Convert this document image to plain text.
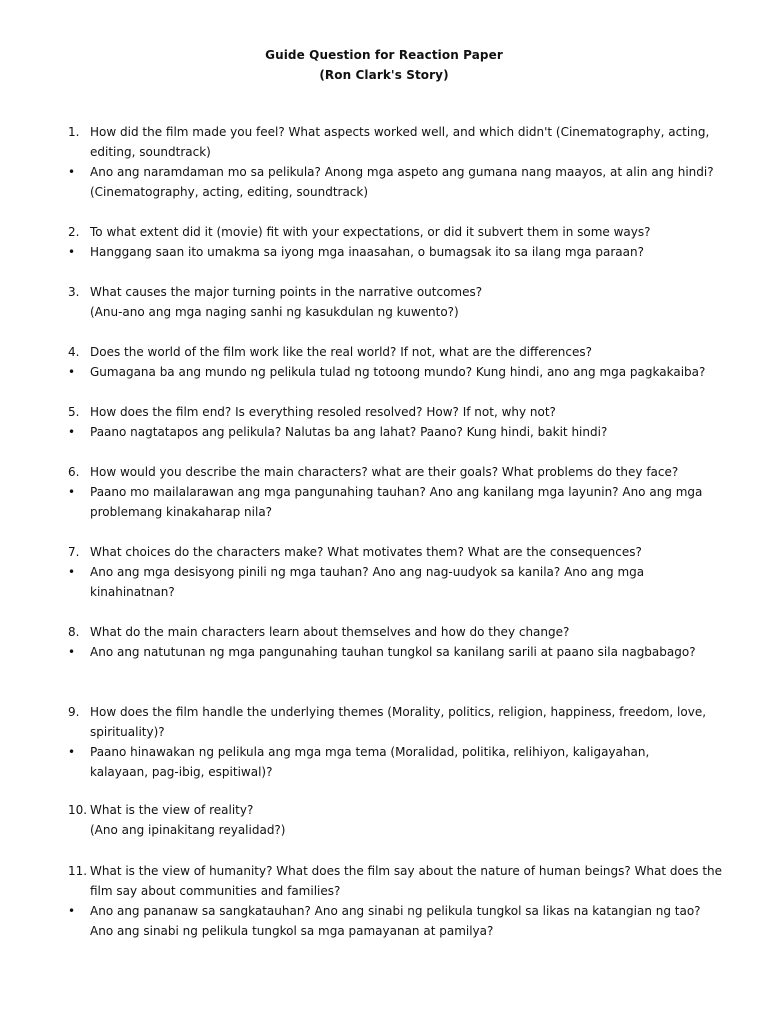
Guide Question for Reaction Paper
(Ron Clark's Story)
1. How did the film made you feel? What aspects worked well, and which didn't (Cinematography, acting,
editing, soundtrack)
•	Ano ang naramdaman mo sa pelikula? Anong mga aspeto ang gumana nang maayos, at alin ang hindi?
(Cinematography, acting, editing, soundtrack)
2. To what extent did it (movie) fit with your expectations, or did it subvert them in some ways?
•	Hanggang saan ito umakma sa iyong mga inaasahan, o bumagsak ito sa ilang mga paraan?
3. What causes the major turning points in the narrative outcomes?
(Anu-ano ang mga naging sanhi ng kasukdulan ng kuwento?)
4. Does the world of the film work like the real world? If not, what are the differences?
•	Gumagana ba ang mundo ng pelikula tulad ng totoong mundo? Kung hindi, ano ang mga pagkakaiba?
5. How does the film end? Is everything resoled resolved? How? If not, why not?
•	Paano nagtatapos ang pelikula? Nalutas ba ang lahat? Paano? Kung hindi, bakit hindi?
6. How would you describe the main characters? what are their goals? What problems do they face?
•	Paano mo mailalarawan ang mga pangunahing tauhan? Ano ang kanilang mga layunin? Ano ang mga
problemang kinakaharap nila?
7. What choices do the characters make? What motivates them? What are the consequences?
•	Ano ang mga desisyong pinili ng mga tauhan? Ano ang nag-uudyok sa kanila? Ano ang mga
kinahinatnan?
8. What do the main characters learn about themselves and how do they change?
•	Ano ang natutunan ng mga pangunahing tauhan tungkol sa kanilang sarili at paano sila nagbabago?
9. How does the film handle the underlying themes (Morality, politics, religion, happiness, freedom, love,
spirituality)?
•	Paano hinawakan ng pelikula ang mga mga tema (Moralidad, politika, relihiyon, kaligayahan,
kalayaan, pag-ibig, espitiwal)?
10. What is the view of reality?
(Ano ang ipinakitang reyalidad?)
11. What is the view of humanity? What does the film say about the nature of human beings? What does the
film say about communities and families?
•	Ano ang pananaw sa sangkatauhan? Ano ang sinabi ng pelikula tungkol sa likas na katangian ng tao?
Ano ang sinabi ng pelikula tungkol sa mga pamayanan at pamilya?
